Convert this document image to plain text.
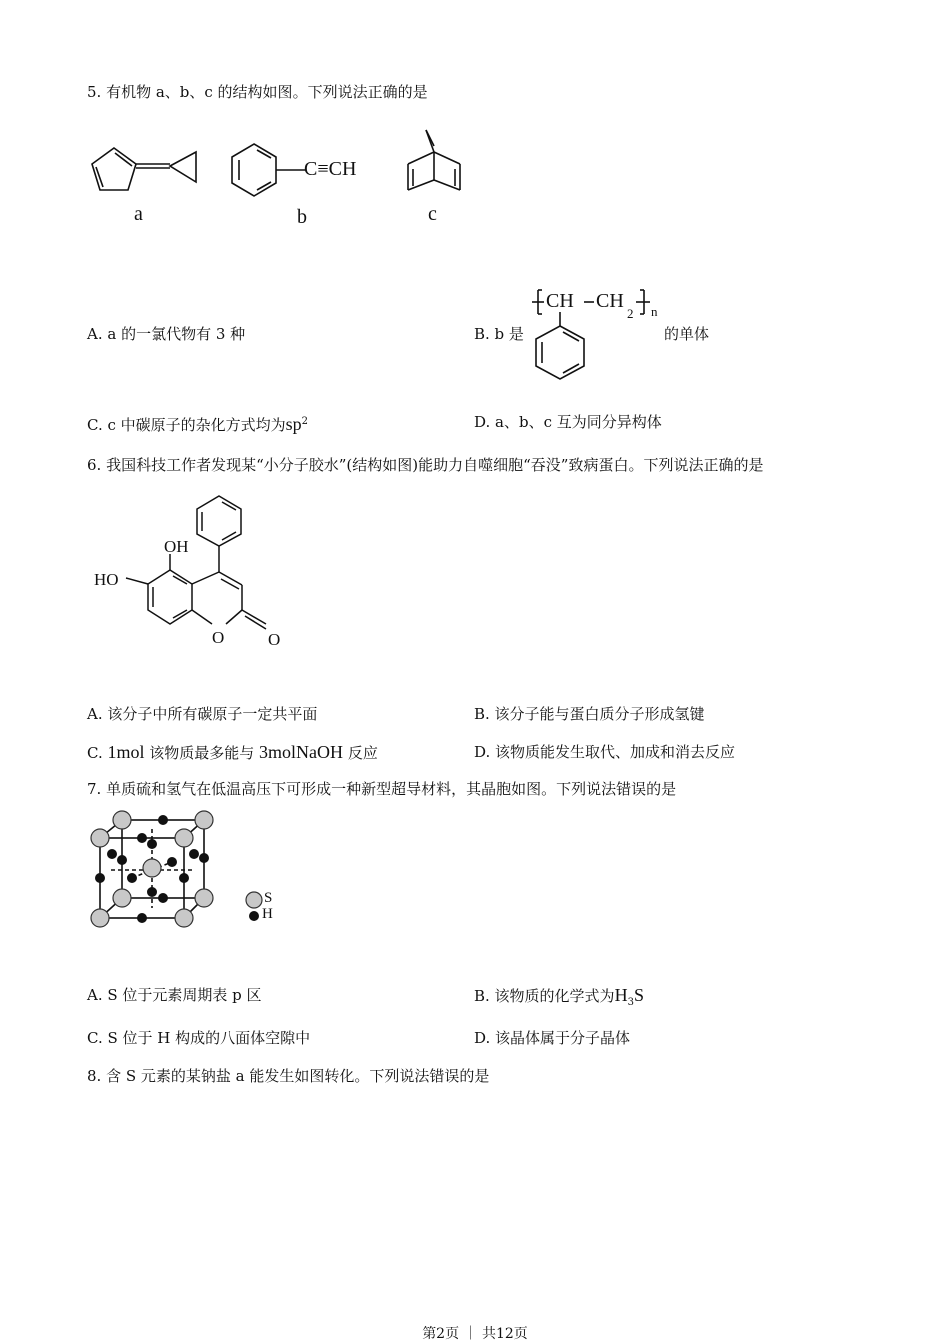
5. 有机物 a、b、c 的结构如图。下列说法正确的是
a
C≡CH
b	c
A. a 的一氯代物有 3 种	B. b 是
CH CH
2 n
的单体
C. c 中碳原子的杂化方式均为$sp^2$	D. a、b、c 互为同分异构体
6. 我国科技工作者发现某“小分子胶水”(结构如图)能助力自噬细胞“吞没”致病蛋白。下列说法正确的是
OH
HO
O	O
A. 该分子中所有碳原子一定共平面	B. 该分子能与蛋白质分子形成氢键
C. 1mol 该物质最多能与 3molNaOH 反应	D. 该物质能发生取代、加成和消去反应
7. 单质硫和氢气在低温高压下可形成一种新型超导材料，其晶胞如图。下列说法错误的是
S
H
A. S 位于元素周期表 p 区	B. 该物质的化学式为$H_3S$
C. S 位于 H 构成的八面体空隙中	D. 该晶体属于分子晶体
8. 含 S 元素的某钠盐 a 能发生如图转化。下列说法错误的是
第2页 ｜ 共12页
